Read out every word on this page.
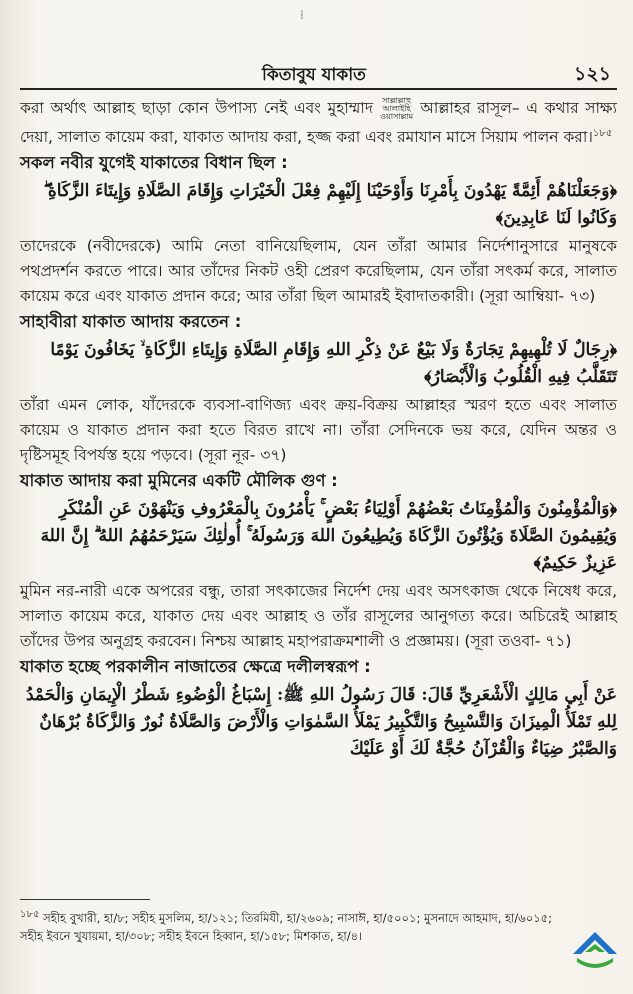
⁞
কিতাবুয যাকাত	১২১

করা অর্থাৎ আল্লাহ ছাড়া কোন উপাস্য নেই এবং মুহাম্মাদ সাল্লাল্লাহু আলাইহি ওয়াসাল্লাম আল্লাহর রাসূল– এ কথার সাক্ষ্য দেয়া, সালাত কায়েম করা, যাকাত আদায় করা, হজ্জ করা এবং রমাযান মাসে সিয়াম পালন করা।$^{১৮৫}$

সকল নবীর যুগেই যাকাতের বিধান ছিল :

﴿وَجَعَلْنَاهُمْ أَئِمَّةً يَهْدُونَ بِأَمْرِنَا وَأَوْحَيْنَا إِلَيْهِمْ فِعْلَ الْخَيْرَاتِ وَإِقَامَ الصَّلَاةِ وَإِيتَاءَ الزَّكَاةِ ۖ وَكَانُوا لَنَا عَابِدِينَ﴾

তাদেরকে (নবীদেরকে) আমি নেতা বানিয়েছিলাম, যেন তাঁরা আমার নির্দেশানুসারে মানুষকে পথপ্রদর্শন করতে পারে। আর তাঁদের নিকট ওহী প্রেরণ করেছিলাম, যেন তাঁরা সৎকর্ম করে, সালাত কায়েম করে এবং যাকাত প্রদান করে; আর তাঁরা ছিল আমারই ইবাদাতকারী। (সূরা আম্বিয়া- ৭৩)

সাহাবীরা যাকাত আদায় করতেন :

﴿رِجَالٌ لَا تُلْهِيهِمْ تِجَارَةٌ وَلَا بَيْعٌ عَنْ ذِكْرِ اللهِ وَإِقَامِ الصَّلَاةِ وَإِيتَاءِ الزَّكَاةِ ۙ يَخَافُونَ يَوْمًا تَتَقَلَّبُ فِيهِ الْقُلُوبُ وَالْأَبْصَارُ﴾

তাঁরা এমন লোক, যাঁদেরকে ব্যবসা-বাণিজ্য এবং ক্রয়-বিক্রয় আল্লাহর স্মরণ হতে এবং সালাত কায়েম ও যাকাত প্রদান করা হতে বিরত রাখে না। তাঁরা সেদিনকে ভয় করে, যেদিন অন্তর ও দৃষ্টিসমূহ বিপর্যস্ত হয়ে পড়বে। (সূরা নূর- ৩৭)

যাকাত আদায় করা মুমিনের একটি মৌলিক গুণ :

﴿وَالْمُؤْمِنُونَ وَالْمُؤْمِنَاتُ بَعْضُهُمْ أَوْلِيَاءُ بَعْضٍ ۚ يَأْمُرُونَ بِالْمَعْرُوفِ وَيَنْهَوْنَ عَنِ الْمُنْكَرِ وَيُقِيمُونَ الصَّلَاةَ وَيُؤْتُونَ الزَّكَاةَ وَيُطِيعُونَ اللهَ وَرَسُولَهُ ۚ أُولٰئِكَ سَيَرْحَمُهُمُ اللهُ ۗ إِنَّ اللهَ عَزِيزٌ حَكِيمٌ﴾

মুমিন নর-নারী একে অপরের বন্ধু, তারা সৎকাজের নির্দেশ দেয় এবং অসৎকাজ থেকে নিষেধ করে, সালাত কায়েম করে, যাকাত দেয় এবং আল্লাহ ও তাঁর রাসূলের আনুগত্য করে। অচিরেই আল্লাহ তাঁদের উপর অনুগ্রহ করবেন। নিশ্চয় আল্লাহ মহাপরাক্রমশালী ও প্রজ্ঞাময়। (সূরা তওবা- ৭১)

যাকাত হচ্ছে পরকালীন নাজাতের ক্ষেত্রে দলীলস্বরূপ :

عَنْ أَبِي مَالِكٍ الْأَشْعَرِيِّ قَالَ: قَالَ رَسُولُ اللهِ ﷺ: إِسْبَاغُ الْوُضُوءِ شَطْرُ الْإِيمَانِ وَالْحَمْدُ لِلهِ تَمْلَأُ الْمِيزَانَ وَالتَّسْبِيحُ وَالتَّكْبِيرُ يَمْلَأُ السَّمٰوَاتِ وَالْأَرْضَ وَالصَّلَاةُ نُورٌ وَالزَّكَاةُ بُرْهَانٌ وَالصَّبْرُ ضِيَاءٌ وَالْقُرْآنُ حُجَّةٌ لَكَ أَوْ عَلَيْكَ

১৮৫ সহীহ বুখারী, হা/৮; সহীহ মুসলিম, হা/১২১; তিরমিযী, হা/২৬০৯; নাসাঈ, হা/৫০০১; মুসনাদে আহমাদ, হা/৬০১৫; সহীহ ইবনে খুযায়মা, হা/৩০৮; সহীহ ইবনে হিব্বান, হা/১৫৮; মিশকাত, হা/৪।
